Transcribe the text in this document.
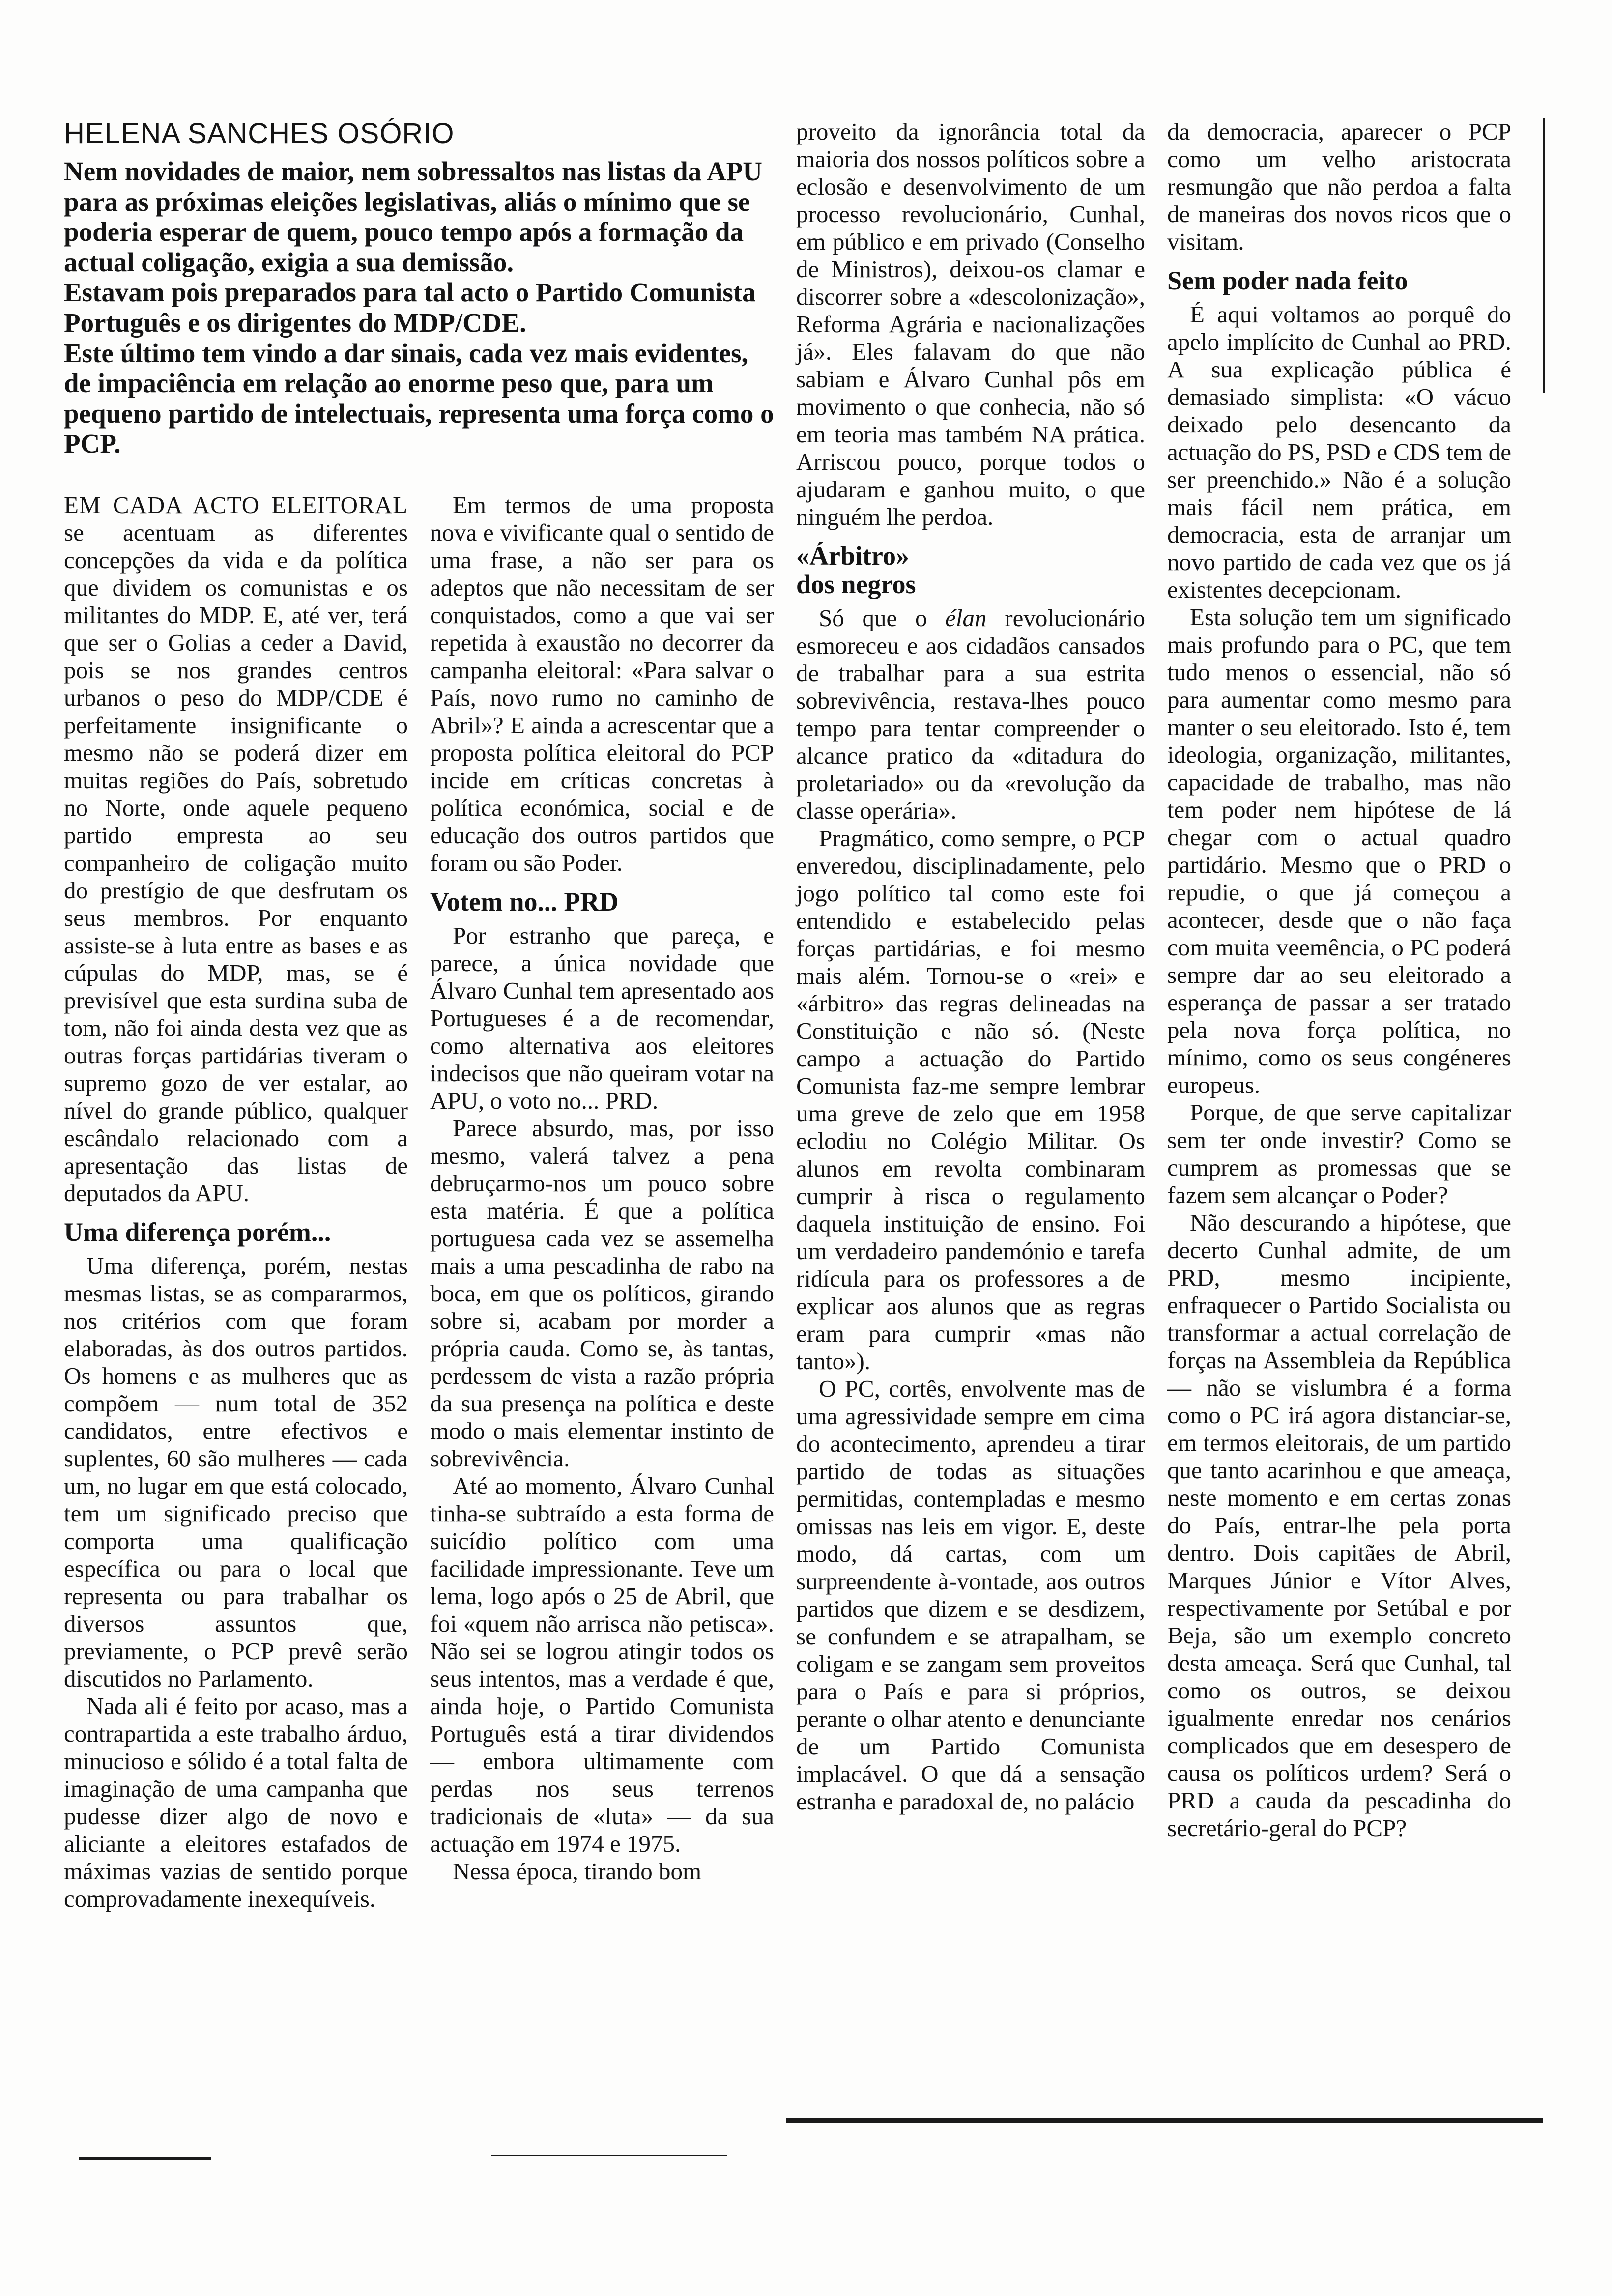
HELENA SANCHES OSÓRIO

Nem novidades de maior, nem sobressaltos nas listas da APU para as próximas eleições legislativas, aliás o mínimo que se poderia esperar de quem, pouco tempo após a formação da actual coligação, exigia a sua demissão.

Estavam pois preparados para tal acto o Partido Comunista Português e os dirigentes do MDP/CDE.

Este último tem vindo a dar sinais, cada vez mais evidentes, de impaciência em relação ao enorme peso que, para um pequeno partido de intelectuais, representa uma força como o PCP.

EM CADA ACTO ELEITORAL se acentuam as diferentes concepções da vida e da política que dividem os comunistas e os militantes do MDP. E, até ver, terá que ser o Golias a ceder a David, pois se nos grandes centros urbanos o peso do MDP/CDE é perfeitamente insignificante o mesmo não se poderá dizer em muitas regiões do País, sobretudo no Norte, onde aquele pequeno partido empresta ao seu companheiro de coligação muito do prestígio de que desfrutam os seus membros. Por enquanto assiste-se à luta entre as bases e as cúpulas do MDP, mas, se é previsível que esta surdina suba de tom, não foi ainda desta vez que as outras forças partidárias tiveram o supremo gozo de ver estalar, ao nível do grande público, qualquer escândalo relacionado com a apresentação das listas de deputados da APU.

Uma diferença porém...

Uma diferença, porém, nestas mesmas listas, se as compararmos, nos critérios com que foram elaboradas, às dos outros partidos. Os homens e as mulheres que as compõem — num total de 352 candidatos, entre efectivos e suplentes, 60 são mulheres — cada um, no lugar em que está colocado, tem um significado preciso que comporta uma qualificação específica ou para o local que representa ou para trabalhar os diversos assuntos que, previamente, o PCP prevê serão discutidos no Parlamento.

Nada ali é feito por acaso, mas a contrapartida a este trabalho árduo, minucioso e sólido é a total falta de imaginação de uma campanha que pudesse dizer algo de novo e aliciante a eleitores estafados de máximas vazias de sentido porque comprovadamente inexequíveis.

Em termos de uma proposta nova e vivificante qual o sentido de uma frase, a não ser para os adeptos que não necessitam de ser conquistados, como a que vai ser repetida à exaustão no decorrer da campanha eleitoral: «Para salvar o País, novo rumo no caminho de Abril»? E ainda a acrescentar que a proposta política eleitoral do PCP incide em críticas concretas à política económica, social e de educação dos outros partidos que foram ou são Poder.

Votem no... PRD

Por estranho que pareça, e parece, a única novidade que Álvaro Cunhal tem apresentado aos Portugueses é a de recomendar, como alternativa aos eleitores indecisos que não queiram votar na APU, o voto no... PRD.

Parece absurdo, mas, por isso mesmo, valerá talvez a pena debruçarmo-nos um pouco sobre esta matéria. É que a política portuguesa cada vez se assemelha mais a uma pescadinha de rabo na boca, em que os políticos, girando sobre si, acabam por morder a própria cauda. Como se, às tantas, perdessem de vista a razão própria da sua presença na política e deste modo o mais elementar instinto de sobrevivência.

Até ao momento, Álvaro Cunhal tinha-se subtraído a esta forma de suicídio político com uma facilidade impressionante. Teve um lema, logo após o 25 de Abril, que foi «quem não arrisca não petisca». Não sei se logrou atingir todos os seus intentos, mas a verdade é que, ainda hoje, o Partido Comunista Português está a tirar dividendos — embora ultimamente com perdas nos seus terrenos tradicionais de «luta» — da sua actuação em 1974 e 1975.

Nessa época, tirando bom

proveito da ignorância total da maioria dos nossos políticos sobre a eclosão e desenvolvimento de um processo revolucionário, Cunhal, em público e em privado (Conselho de Ministros), deixou-os clamar e discorrer sobre a «descolonização», Reforma Agrária e nacionalizações já». Eles falavam do que não sabiam e Álvaro Cunhal pôs em movimento o que conhecia, não só em teoria mas também NA prática. Arriscou pouco, porque todos o ajudaram e ganhou muito, o que ninguém lhe perdoa.

«Árbitro»
dos negros

Só que o élan revolucionário esmoreceu e aos cidadãos cansados de trabalhar para a sua estrita sobrevivência, restava-lhes pouco tempo para tentar compreender o alcance pratico da «ditadura do proletariado» ou da «revolução da classe operária».

Pragmático, como sempre, o PCP enveredou, disciplinadamente, pelo jogo político tal como este foi entendido e estabelecido pelas forças partidárias, e foi mesmo mais além. Tornou-se o «rei» e «árbitro» das regras delineadas na Constituição e não só. (Neste campo a actuação do Partido Comunista faz-me sempre lembrar uma greve de zelo que em 1958 eclodiu no Colégio Militar. Os alunos em revolta combinaram cumprir à risca o regulamento daquela instituição de ensino. Foi um verdadeiro pandemónio e tarefa ridícula para os professores a de explicar aos alunos que as regras eram para cumprir «mas não tanto»).

O PC, cortês, envolvente mas de uma agressividade sempre em cima do acontecimento, aprendeu a tirar partido de todas as situações permitidas, contempladas e mesmo omissas nas leis em vigor. E, deste modo, dá cartas, com um surpreendente à-vontade, aos outros partidos que dizem e se desdizem, se confundem e se atrapalham, se coligam e se zangam sem proveitos para o País e para si próprios, perante o olhar atento e denunciante de um Partido Comunista implacável. O que dá a sensação estranha e paradoxal de, no palácio

da democracia, aparecer o PCP como um velho aristocrata resmungão que não perdoa a falta de maneiras dos novos ricos que o visitam.

Sem poder nada feito

É aqui voltamos ao porquê do apelo implícito de Cunhal ao PRD. A sua explicação pública é demasiado simplista: «O vácuo deixado pelo desencanto da actuação do PS, PSD e CDS tem de ser preenchido.» Não é a solução mais fácil nem prática, em democracia, esta de arranjar um novo partido de cada vez que os já existentes decepcionam.

Esta solução tem um significado mais profundo para o PC, que tem tudo menos o essencial, não só para aumentar como mesmo para manter o seu eleitorado. Isto é, tem ideologia, organização, militantes, capacidade de trabalho, mas não tem poder nem hipótese de lá chegar com o actual quadro partidário. Mesmo que o PRD o repudie, o que já começou a acontecer, desde que o não faça com muita veemência, o PC poderá sempre dar ao seu eleitorado a esperança de passar a ser tratado pela nova força política, no mínimo, como os seus congéneres europeus.

Porque, de que serve capitalizar sem ter onde investir? Como se cumprem as promessas que se fazem sem alcançar o Poder?

Não descurando a hipótese, que decerto Cunhal admite, de um PRD, mesmo incipiente, enfraquecer o Partido Socialista ou transformar a actual correlação de forças na Assembleia da República — não se vislumbra é a forma como o PC irá agora distanciar-se, em termos eleitorais, de um partido que tanto acarinhou e que ameaça, neste momento e em certas zonas do País, entrar-lhe pela porta dentro. Dois capitães de Abril, Marques Júnior e Vítor Alves, respectivamente por Setúbal e por Beja, são um exemplo concreto desta ameaça. Será que Cunhal, tal como os outros, se deixou igualmente enredar nos cenários complicados que em desespero de causa os políticos urdem? Será o PRD a cauda da pescadinha do secretário-geral do PCP?
